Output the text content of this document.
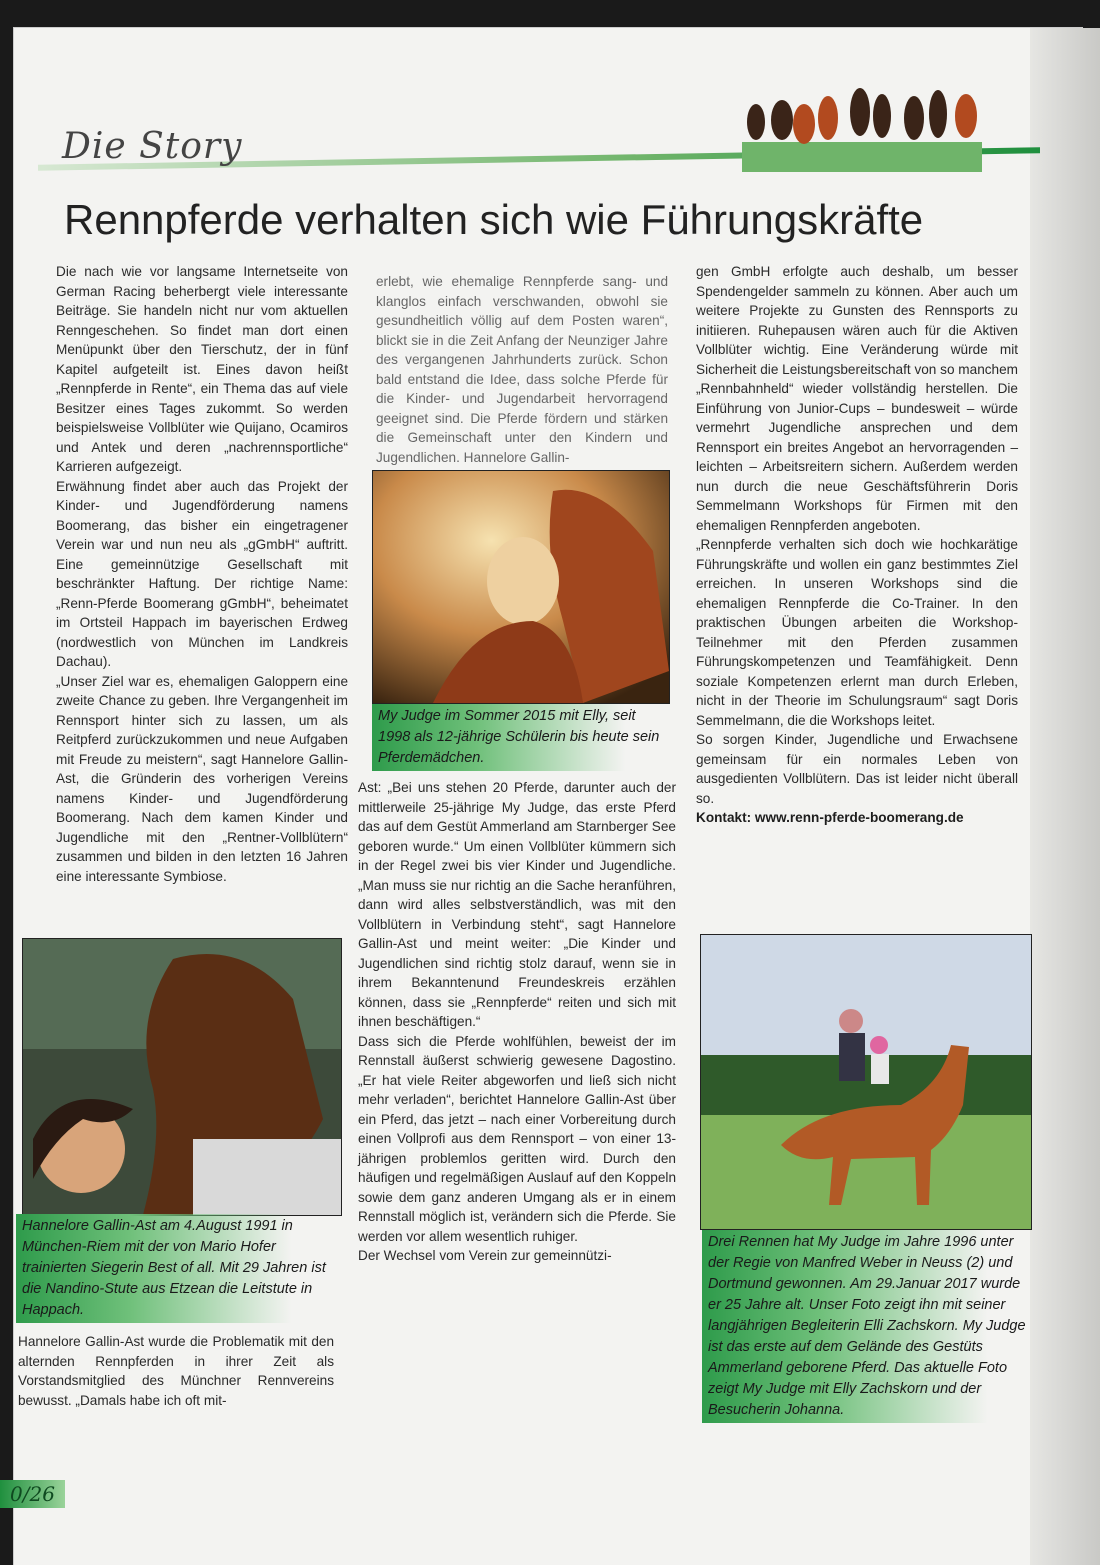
Die Story
Rennpferde verhalten sich wie Führungskräfte

Die nach wie vor langsame Internetseite von German Racing beherbergt viele interessante Beiträge. Sie handeln nicht nur vom aktuellen Renngeschehen. So findet man dort einen Menüpunkt über den Tierschutz, der in fünf Kapitel aufgeteilt ist. Eines davon heißt „Rennpferde in Rente“, ein Thema das auf viele Besitzer eines Tages zukommt. So werden beispielsweise Vollblüter wie Quijano, Ocamiros und Antek und deren „nachrennsportliche“ Karrieren aufgezeigt.

Erwähnung findet aber auch das Projekt der Kinder- und Jugendförderung namens Boomerang, das bisher ein eingetragener Verein war und nun neu als „gGmbH“ auftritt. Eine gemeinnützige Gesellschaft mit beschränkter Haftung. Der richtige Name: „Renn-Pferde Boomerang gGmbH“, beheimatet im Ortsteil Happach im bayerischen Erdweg (nordwestlich von München im Landkreis Dachau).

„Unser Ziel war es, ehemaligen Galoppern eine zweite Chance zu geben. Ihre Vergangenheit im Rennsport hinter sich zu lassen, um als Reitpferd zurückzukommen und neue Aufgaben mit Freude zu meistern“, sagt Hannelore Gallin-Ast, die Gründerin des vorherigen Vereins namens Kinder- und Jugendförderung Boomerang. Nach dem kamen Kinder und Jugendliche mit den „Rentner-Vollblütern“ zusammen und bilden in den letzten 16 Jahren eine interessante Symbiose.

Hannelore Gallin-Ast am 4.August 1991 in München-Riem mit der von Mario Hofer trainierten Siegerin Best of all. Mit 29 Jahren ist die Nandino-Stute aus Etzean die Leitstute in Happach.

Hannelore Gallin-Ast wurde die Problematik mit den alternden Rennpferden in ihrer Zeit als Vorstandsmitglied des Münchner Rennvereins bewusst. „Damals habe ich oft mit-

erlebt, wie ehemalige Rennpferde sang- und klanglos einfach verschwanden, obwohl sie gesundheitlich völlig auf dem Posten waren“, blickt sie in die Zeit Anfang der Neunziger Jahre des vergangenen Jahrhunderts zurück. Schon bald entstand die Idee, dass solche Pferde für die Kinder- und Jugendarbeit hervorragend geeignet sind. Die Pferde fördern und stärken die Gemeinschaft unter den Kindern und Jugendlichen. Hannelore Gallin-

My Judge im Sommer 2015 mit Elly, seit 1998 als 12-jährige Schülerin bis heute sein Pferdemädchen.

Ast: „Bei uns stehen 20 Pferde, darunter auch der mittlerweile 25-jährige My Judge, das erste Pferd das auf dem Gestüt Ammerland am Starnberger See geboren wurde.“ Um einen Vollblüter kümmern sich in der Regel zwei bis vier Kinder und Jugendliche. „Man muss sie nur richtig an die Sache heranführen, dann wird alles selbstverständlich, was mit den Vollblütern in Verbindung steht“, sagt Hannelore Gallin-Ast und meint weiter: „Die Kinder und Jugendlichen sind richtig stolz darauf, wenn sie in ihrem Bekanntenund Freundeskreis erzählen können, dass sie „Rennpferde“ reiten und sich mit ihnen beschäftigen.“

Dass sich die Pferde wohlfühlen, beweist der im Rennstall äußerst schwierig gewesene Dagostino. „Er hat viele Reiter abgeworfen und ließ sich nicht mehr verladen“, berichtet Hannelore Gallin-Ast über ein Pferd, das jetzt – nach einer Vorbereitung durch einen Vollprofi aus dem Rennsport – von einer 13-jährigen problemlos geritten wird. Durch den häufigen und regelmäßigen Auslauf auf den Koppeln sowie dem ganz anderen Umgang als er in einem Rennstall möglich ist, verändern sich die Pferde. Sie werden vor allem wesentlich ruhiger.

Der Wechsel vom Verein zur gemeinnützi-

gen GmbH erfolgte auch deshalb, um besser Spendengelder sammeln zu können. Aber auch um weitere Projekte zu Gunsten des Rennsports zu initiieren. Ruhepausen wären auch für die Aktiven Vollblüter wichtig. Eine Veränderung würde mit Sicherheit die Leistungsbereitschaft von so manchem „Rennbahnheld“ wieder vollständig herstellen. Die Einführung von Junior-Cups – bundesweit – würde vermehrt Jugendliche ansprechen und dem Rennsport ein breites Angebot an hervorragenden – leichten – Arbeitsreitern sichern. Außerdem werden nun durch die neue Geschäftsführerin Doris Semmelmann Workshops für Firmen mit den ehemaligen Rennpferden angeboten.

„Rennpferde verhalten sich doch wie hochkarätige Führungskräfte und wollen ein ganz bestimmtes Ziel erreichen. In unseren Workshops sind die ehemaligen Rennpferde die Co-Trainer. In den praktischen Übungen arbeiten die Workshop-Teilnehmer mit den Pferden zusammen Führungskompetenzen und Teamfähigkeit. Denn soziale Kompetenzen erlernt man durch Erleben, nicht in der Theorie im Schulungsraum“ sagt Doris Semmelmann, die die Workshops leitet.

So sorgen Kinder, Jugendliche und Erwachsene gemeinsam für ein normales Leben von ausgedienten Vollblütern. Das ist leider nicht überall so.

Kontakt: www.renn-pferde-boomerang.de

Drei Rennen hat My Judge im Jahre 1996 unter der Regie von Manfred Weber in Neuss (2) und Dortmund gewonnen. Am 29.Januar 2017 wurde er 25 Jahre alt. Unser Foto zeigt ihn mit seiner langjährigen Begleiterin Elli Zachskorn. My Judge ist das erste auf dem Gelände des Gestüts Ammerland geborene Pferd. Das aktuelle Foto zeigt My Judge mit Elly Zachskorn und der Besucherin Johanna.
0/26
